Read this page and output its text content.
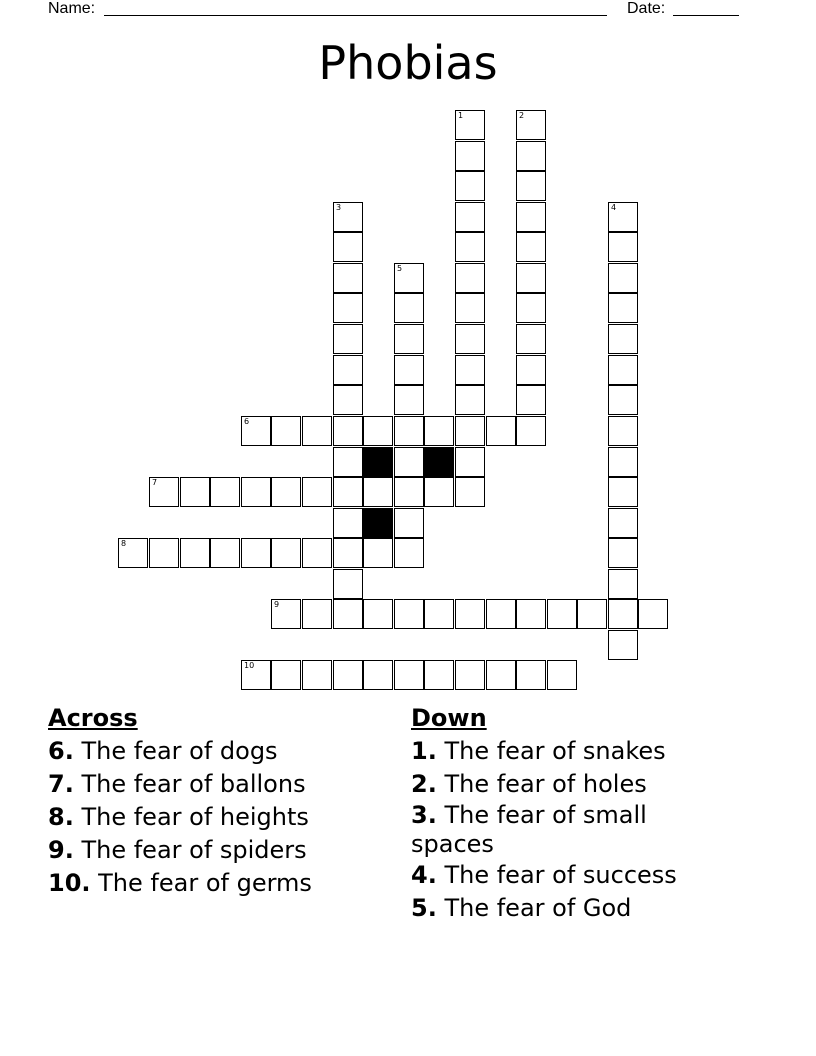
Name:	Date:
Phobias
1	2
3	4
5
6
7
8
9
10
Across
6. The fear of dogs
7. The fear of ballons
8. The fear of heights
9. The fear of spiders
10. The fear of germs
Down
1. The fear of snakes
2. The fear of holes
3. The fear of small spaces
4. The fear of success
5. The fear of God
